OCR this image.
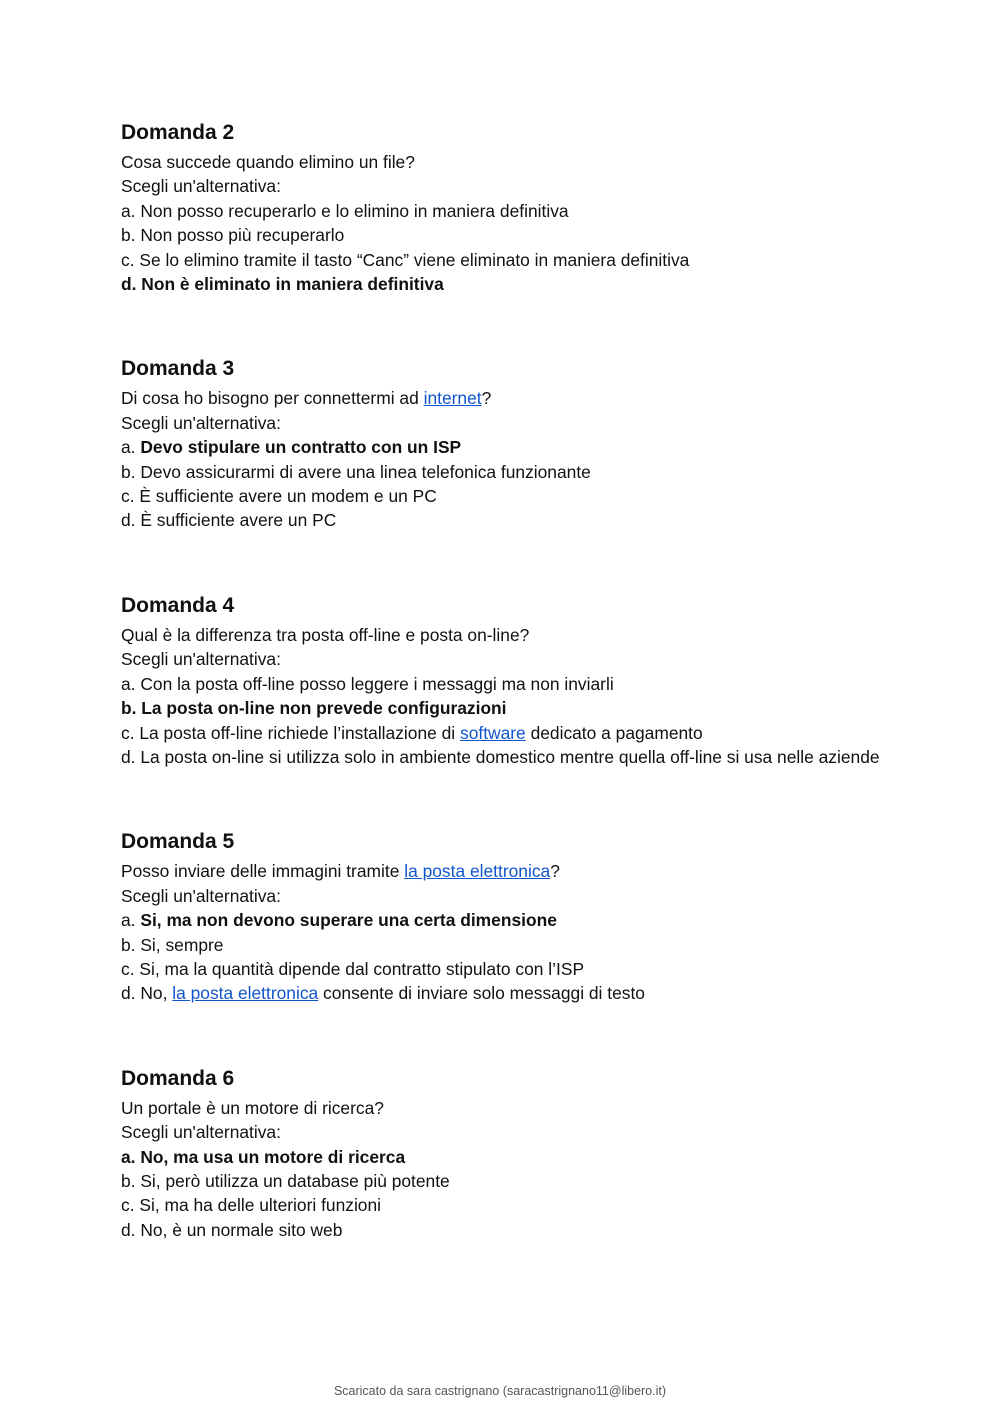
Domanda 2

Cosa succede quando elimino un file?

Scegli un'alternativa:

a. Non posso recuperarlo e lo elimino in maniera definitiva

b. Non posso più recuperarlo

c. Se lo elimino tramite il tasto “Canc” viene eliminato in maniera definitiva

d. Non è eliminato in maniera definitiva

Domanda 3

Di cosa ho bisogno per connettermi ad internet?

Scegli un'alternativa:

a. Devo stipulare un contratto con un ISP

b. Devo assicurarmi di avere una linea telefonica funzionante

c. È sufficiente avere un modem e un PC

d. È sufficiente avere un PC

Domanda 4

Qual è la differenza tra posta off-line e posta on-line?

Scegli un'alternativa:

a. Con la posta off-line posso leggere i messaggi ma non inviarli

b. La posta on-line non prevede configurazioni

c. La posta off-line richiede l’installazione di software dedicato a pagamento

d. La posta on-line si utilizza solo in ambiente domestico mentre quella off-line si usa nelle aziende

Domanda 5

Posso inviare delle immagini tramite la posta elettronica?

Scegli un'alternativa:

a. Si, ma non devono superare una certa dimensione

b. Si, sempre

c. Si, ma la quantità dipende dal contratto stipulato con l’ISP

d. No, la posta elettronica consente di inviare solo messaggi di testo

Domanda 6

Un portale è un motore di ricerca?

Scegli un'alternativa:

a. No, ma usa un motore di ricerca

b. Si, però utilizza un database più potente

c. Si, ma ha delle ulteriori funzioni

d. No, è un normale sito web

Scaricato da sara castrignano (saracastrignano11@libero.it)
